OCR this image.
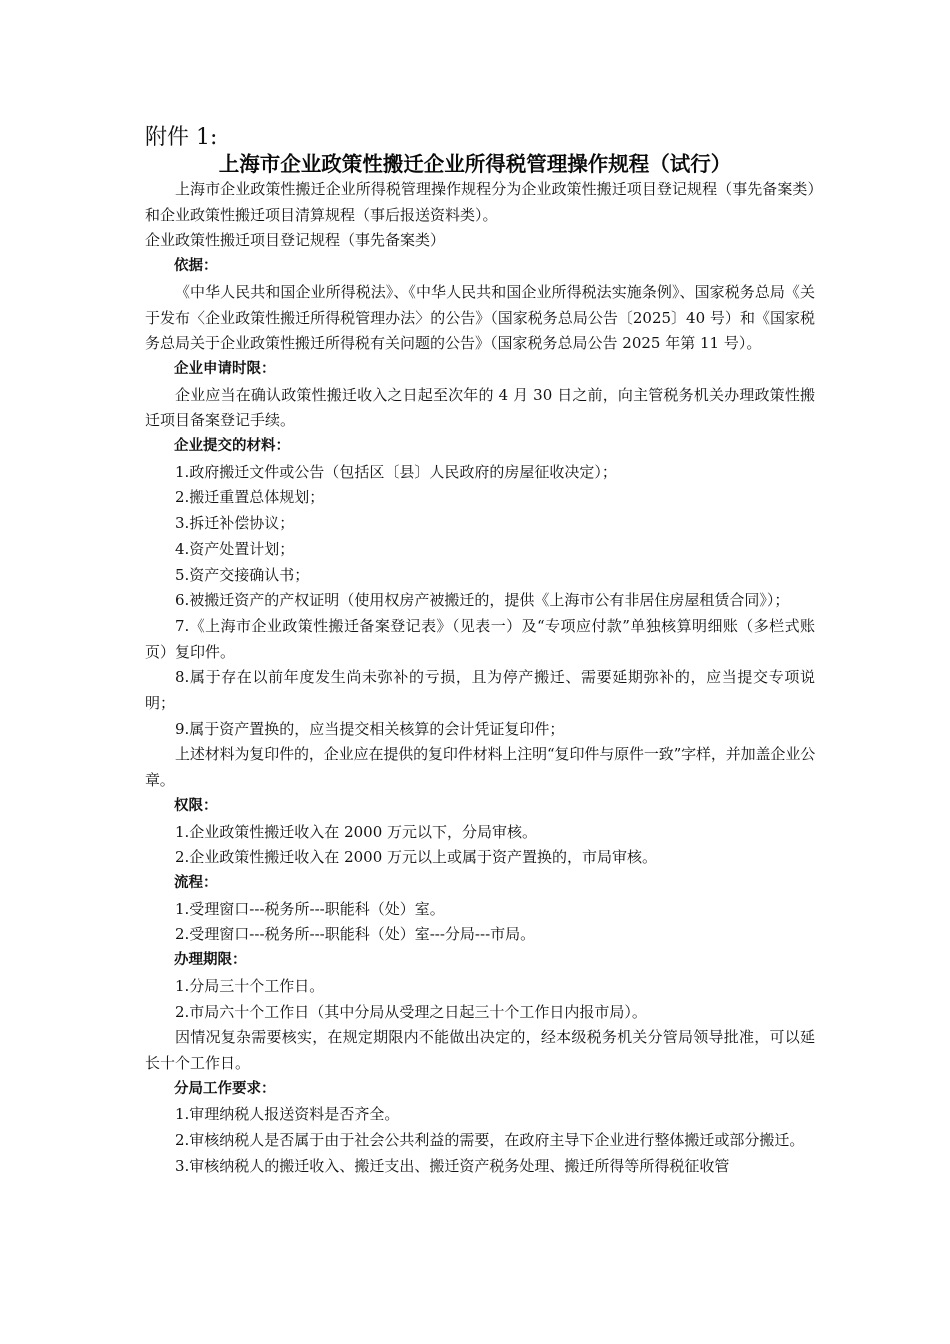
附件 1:
上海市企业政策性搬迁企业所得税管理操作规程（试行）

上海市企业政策性搬迁企业所得税管理操作规程分为企业政策性搬迁项目登记规程（事先备案类）和企业政策性搬迁项目清算规程（事后报送资料类）。

企业政策性搬迁项目登记规程（事先备案类）

依据：

《中华人民共和国企业所得税法》、《中华人民共和国企业所得税法实施条例》、国家税务总局《关于发布〈企业政策性搬迁所得税管理办法〉的公告》（国家税务总局公告〔2025〕40 号）和《国家税务总局关于企业政策性搬迁所得税有关问题的公告》（国家税务总局公告 2025 年第 11 号）。

企业申请时限：

企业应当在确认政策性搬迁收入之日起至次年的 4 月 30 日之前，向主管税务机关办理政策性搬迁项目备案登记手续。

企业提交的材料：

1.政府搬迁文件或公告（包括区〔县〕人民政府的房屋征收决定）；

2.搬迁重置总体规划；

3.拆迁补偿协议；

4.资产处置计划；

5.资产交接确认书；

6.被搬迁资产的产权证明（使用权房产被搬迁的，提供《上海市公有非居住房屋租赁合同》）；

7.《上海市企业政策性搬迁备案登记表》（见表一）及“专项应付款”单独核算明细账（多栏式账页）复印件。

8.属于存在以前年度发生尚未弥补的亏损，且为停产搬迁、需要延期弥补的，应当提交专项说明；

9.属于资产置换的，应当提交相关核算的会计凭证复印件；

上述材料为复印件的，企业应在提供的复印件材料上注明“复印件与原件一致”字样，并加盖企业公章。

权限：

1.企业政策性搬迁收入在 2000 万元以下，分局审核。

2.企业政策性搬迁收入在 2000 万元以上或属于资产置换的，市局审核。

流程：

1.受理窗口---税务所---职能科（处）室。

2.受理窗口---税务所---职能科（处）室---分局---市局。

办理期限：

1.分局三十个工作日。

2.市局六十个工作日（其中分局从受理之日起三十个工作日内报市局）。

因情况复杂需要核实，在规定期限内不能做出决定的，经本级税务机关分管局领导批准，可以延长十个工作日。

分局工作要求：

1.审理纳税人报送资料是否齐全。

2.审核纳税人是否属于由于社会公共利益的需要，在政府主导下企业进行整体搬迁或部分搬迁。

3.审核纳税人的搬迁收入、搬迁支出、搬迁资产税务处理、搬迁所得等所得税征收管
